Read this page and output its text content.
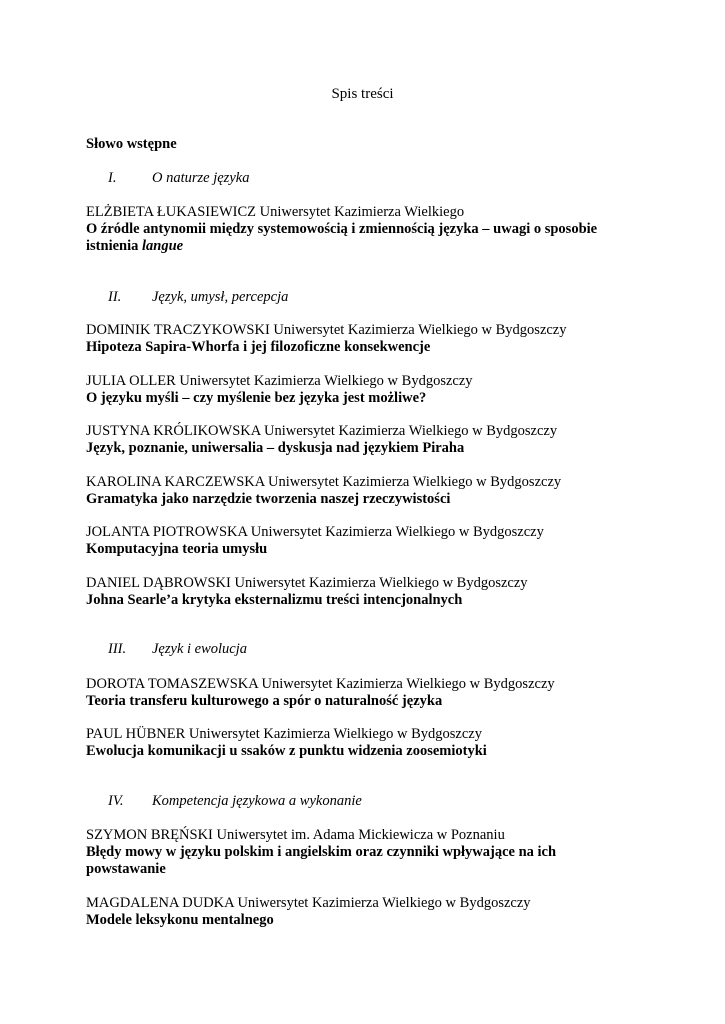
Spis treści
Słowo wstępne
I. O naturze języka
ELŻBIETA ŁUKASIEWICZ Uniwersytet Kazimierza Wielkiego
O źródle antynomii między systemowością i zmiennością języka – uwagi o sposobie istnienia langue
II. Język, umysł, percepcja
DOMINIK TRACZYKOWSKI Uniwersytet Kazimierza Wielkiego w Bydgoszczy
Hipoteza Sapira-Whorfa i jej filozoficzne konsekwencje
JULIA OLLER Uniwersytet Kazimierza Wielkiego w Bydgoszczy
O języku myśli – czy myślenie bez języka jest możliwe?
JUSTYNA KRÓLIKOWSKA Uniwersytet Kazimierza Wielkiego w Bydgoszczy
Język, poznanie, uniwersalia – dyskusja nad językiem Piraha
KAROLINA KARCZEWSKA Uniwersytet Kazimierza Wielkiego w Bydgoszczy
Gramatyka jako narzędzie tworzenia naszej rzeczywistości
JOLANTA PIOTROWSKA Uniwersytet Kazimierza Wielkiego w Bydgoszczy
Komputacyjna teoria umysłu
DANIEL DĄBROWSKI Uniwersytet Kazimierza Wielkiego w Bydgoszczy
Johna Searle’a krytyka eksternalizmu treści intencjonalnych
III. Język i ewolucja
DOROTA TOMASZEWSKA Uniwersytet Kazimierza Wielkiego w Bydgoszczy
Teoria transferu kulturowego a spór o naturalność języka
PAUL HÜBNER Uniwersytet Kazimierza Wielkiego w Bydgoszczy
Ewolucja komunikacji u ssaków z punktu widzenia zoosemiotyki
IV. Kompetencja językowa a wykonanie
SZYMON BRĘŃSKI Uniwersytet im. Adama Mickiewicza w Poznaniu
Błędy mowy w języku polskim i angielskim oraz czynniki wpływające na ich powstawanie
MAGDALENA DUDKA Uniwersytet Kazimierza Wielkiego w Bydgoszczy
Modele leksykonu mentalnego
